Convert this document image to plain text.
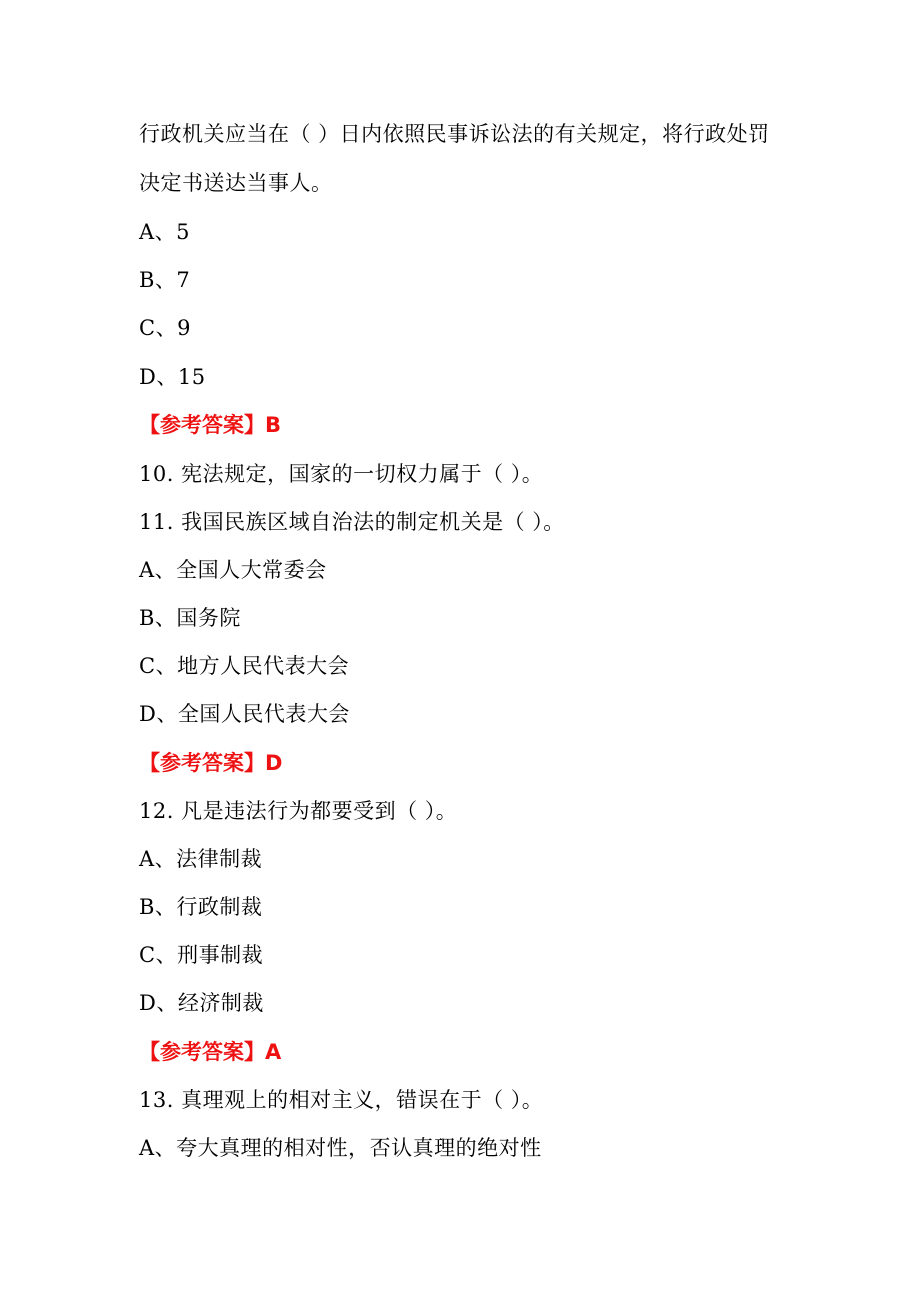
行政机关应当在（ ）日内依照民事诉讼法的有关规定，将行政处罚
决定书送达当事人。
A、5
B、7
C、9
D、15
【参考答案】B
10. 宪法规定，国家的一切权力属于（ ）。
11. 我国民族区域自治法的制定机关是（ ）。
A、全国人大常委会
B、国务院
C、地方人民代表大会
D、全国人民代表大会
【参考答案】D
12. 凡是违法行为都要受到（ ）。
A、法律制裁
B、行政制裁
C、刑事制裁
D、经济制裁
【参考答案】A
13. 真理观上的相对主义，错误在于（ ）。
A、夸大真理的相对性，否认真理的绝对性
